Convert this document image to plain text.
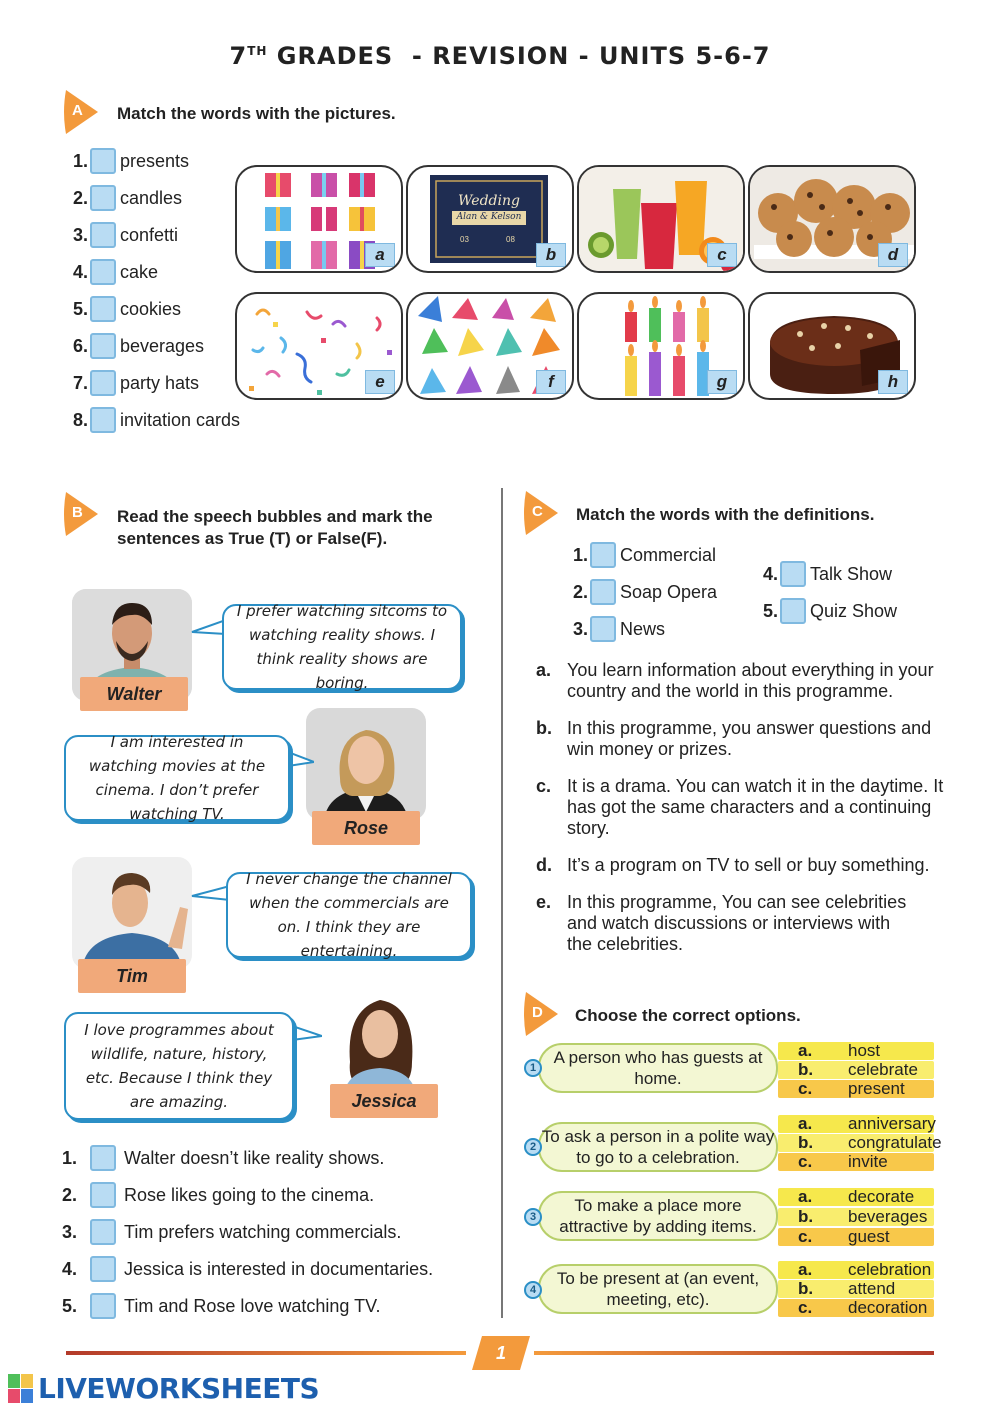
7TH GRADES  - REVISION - UNITS 5-6-7
A Match the words with the pictures.
1. presents
2. candles
3. confetti
4. cake
5. cookies
6. beverages
7. party hats
8. invitation cards
a
Wedding
Alan & Kelson
03	08
b	c	d
e	f	g	h
B Read the speech bubbles and mark the
sentences as True (T) or False(F).
Walter
I prefer watching sitcoms to watching reality shows. I think reality shows are boring.
Rose
I am interested in watching movies at the cinema. I don’t prefer watching TV.
Tim
I never change the channel when the commercials are on. I think they are entertaining.
Jessica
I love programmes about wildlife, nature, history, etc. Because I think they are amazing.
1.	Walter doesn’t like reality shows.
2.	Rose likes going to the cinema.
3.	Tim prefers watching commercials.
4.	Jessica is interested in documentaries.
5.	Tim and Rose love watching TV.
C Match the words with the definitions.
1. Commercial
2. Soap Opera
3. News
4. Talk Show
5. Quiz Show
a. You learn information about everything in your country and the world in this programme.
b. In this programme, you answer questions and win money or prizes.
c. It is a drama. You can watch it in the daytime. It has got the same characters and a continuing story.
d. It’s a program on TV to sell or buy something.
e. In this programme, You can see celebrities and watch discussions or interviews with the celebrities.
D Choose the correct options.
A person who has guests at home.
1
a.	host
b.	celebrate
c.	present
To ask a person in a polite way to go to a celebration.
2
a.	anniversary
b.	congratulate
c.	invite
To make a place more attractive by adding items.
3
a.	decorate
b.	beverages
c.	guest
To be present at (an event, meeting, etc).
4
a.	celebration
b.	attend
c.	decoration
1
LIVEWORKSHEETS
